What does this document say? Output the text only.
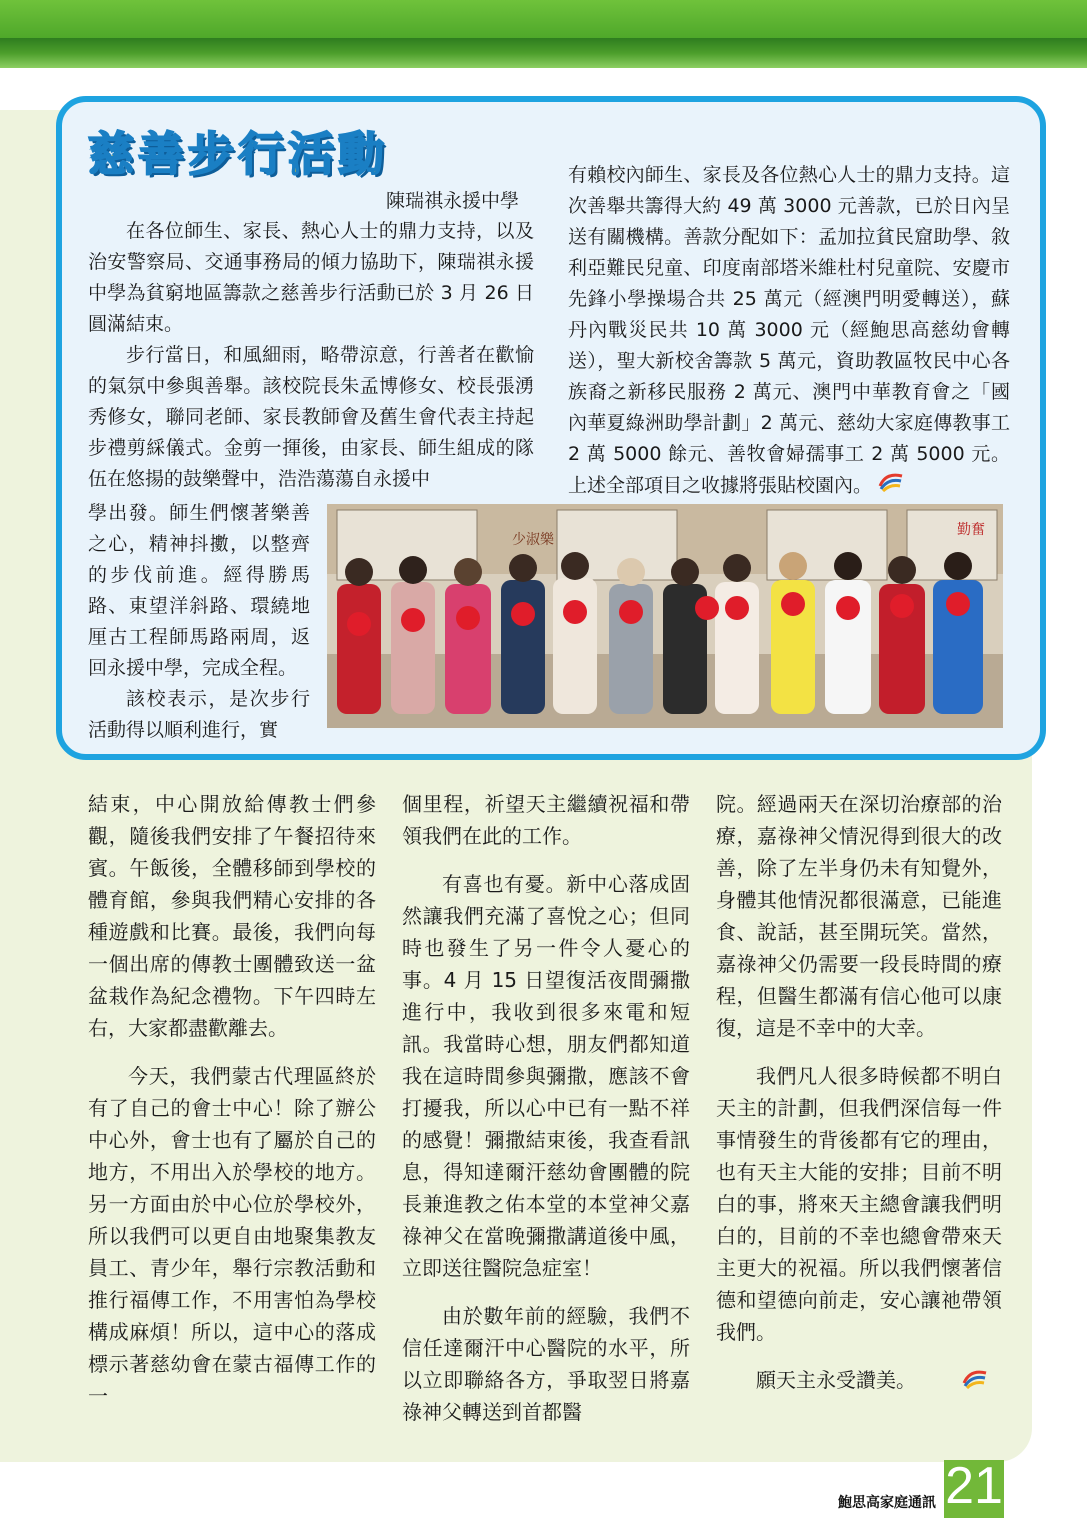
慈善步行活動
陳瑞祺永援中學

在各位師生、家長、熱心人士的鼎力支持，以及治安警察局、交通事務局的傾力協助下，陳瑞祺永援中學為貧窮地區籌款之慈善步行活動已於 3 月 26 日圓滿結束。

步行當日，和風細雨，略帶涼意，行善者在歡愉的氣氛中參與善舉。該校院長朱孟博修女、校長張湧秀修女，聯同老師、家長教師會及舊生會代表主持起步禮剪綵儀式。金剪一揮後，由家長、師生組成的隊伍在悠揚的鼓樂聲中，浩浩蕩蕩自永援中

學出發。師生們懷著樂善之心，精神抖擻，以整齊的步伐前進。經得勝馬路、東望洋斜路、環繞地厘古工程師馬路兩周，返回永援中學，完成全程。

該校表示，是次步行活動得以順利進行，實

有賴校內師生、家長及各位熱心人士的鼎力支持。這次善舉共籌得大約 49 萬 3000 元善款，已於日內呈送有關機構。善款分配如下：孟加拉貧民窟助學、敘利亞難民兒童、印度南部塔米維杜村兒童院、安慶市先鋒小學操場合共 25 萬元（經澳門明愛轉送），蘇丹內戰災民共 10 萬 3000 元（經鮑思高慈幼會轉送），聖大新校舍籌款 5 萬元，資助教區牧民中心各族裔之新移民服務 2 萬元、澳門中華教育會之「國內華夏綠洲助學計劃」2 萬元、慈幼大家庭傳教事工 2 萬 5000 餘元、善牧會婦孺事工 2 萬 5000 元。上述全部項目之收據將張貼校園內。

少淑樂
勤奮

結束，中心開放給傳教士們參觀，隨後我們安排了午餐招待來賓。午飯後，全體移師到學校的體育館，參與我們精心安排的各種遊戲和比賽。最後，我們向每一個出席的傳教士團體致送一盆盆栽作為紀念禮物。下午四時左右，大家都盡歡離去。

今天，我們蒙古代理區終於有了自己的會士中心！除了辦公中心外，會士也有了屬於自己的地方，不用出入於學校的地方。另一方面由於中心位於學校外，所以我們可以更自由地聚集教友員工、青少年，舉行宗教活動和推行福傳工作，不用害怕為學校構成麻煩！所以，這中心的落成標示著慈幼會在蒙古福傳工作的一

個里程，祈望天主繼續祝福和帶領我們在此的工作。

有喜也有憂。新中心落成固然讓我們充滿了喜悅之心；但同時也發生了另一件令人憂心的事。4 月 15 日望復活夜間彌撒進行中，我收到很多來電和短訊。我當時心想，朋友們都知道我在這時間參與彌撒，應該不會打擾我，所以心中已有一點不祥的感覺！彌撒結束後，我查看訊息，得知達爾汗慈幼會團體的院長兼進教之佑本堂的本堂神父嘉祿神父在當晚彌撒講道後中風，立即送往醫院急症室！

由於數年前的經驗，我們不信任達爾汗中心醫院的水平，所以立即聯絡各方，爭取翌日將嘉祿神父轉送到首都醫

院。經過兩天在深切治療部的治療，嘉祿神父情況得到很大的改善，除了左半身仍未有知覺外，身體其他情況都很滿意，已能進食、說話，甚至開玩笑。當然，嘉祿神父仍需要一段長時間的療程，但醫生都滿有信心他可以康復，這是不幸中的大幸。

我們凡人很多時候都不明白天主的計劃，但我們深信每一件事情發生的背後都有它的理由，也有天主大能的安排；目前不明白的事，將來天主總會讓我們明白的，目前的不幸也總會帶來天主更大的祝福。所以我們懷著信德和望德向前走，安心讓祂帶領我們。

願天主永受讚美。

鮑思高家庭通訊 21
